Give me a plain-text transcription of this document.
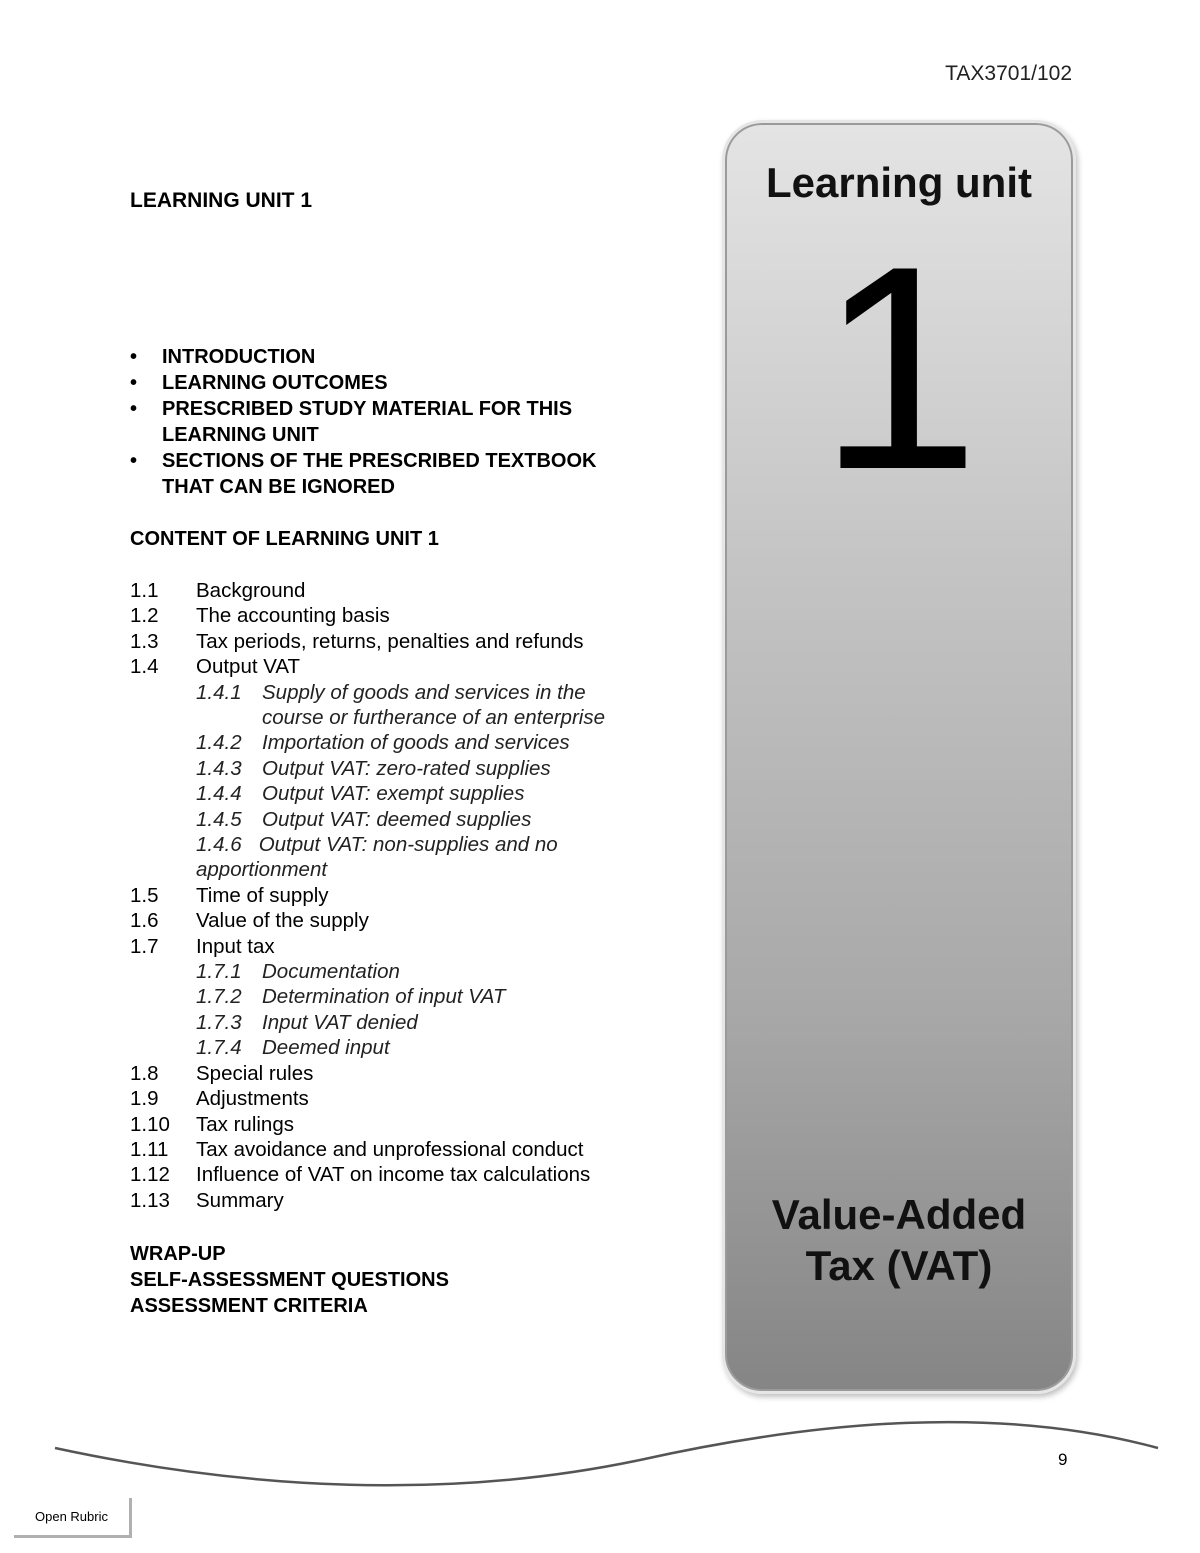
TAX3701/102
LEARNING UNIT 1
• INTRODUCTION
• LEARNING OUTCOMES
• PRESCRIBED STUDY MATERIAL FOR THIS LEARNING UNIT
• SECTIONS OF THE PRESCRIBED TEXTBOOK THAT CAN BE IGNORED
CONTENT OF LEARNING UNIT 1
1.1 Background

1.2 The accounting basis

1.3 Tax periods, returns, penalties and refunds

1.4 Output VAT

1.4.1 Supply of goods and services in the course or furtherance of an enterprise

1.4.2 Importation of goods and services

1.4.3 Output VAT: zero-rated supplies

1.4.4 Output VAT: exempt supplies

1.4.5 Output VAT: deemed supplies

1.4.6 Output VAT: non-supplies and no apportionment

1.5 Time of supply

1.6 Value of the supply

1.7 Input tax

1.7.1 Documentation

1.7.2 Determination of input VAT

1.7.3 Input VAT denied

1.7.4 Deemed input

1.8 Special rules

1.9 Adjustments

1.10 Tax rulings

1.11 Tax avoidance and unprofessional conduct

1.12 Influence of VAT on income tax calculations

1.13 Summary

WRAP-UP
SELF-ASSESSMENT QUESTIONS
ASSESSMENT CRITERIA
Learning unit
1
Value-Added
Tax (VAT)
9
Open Rubric
